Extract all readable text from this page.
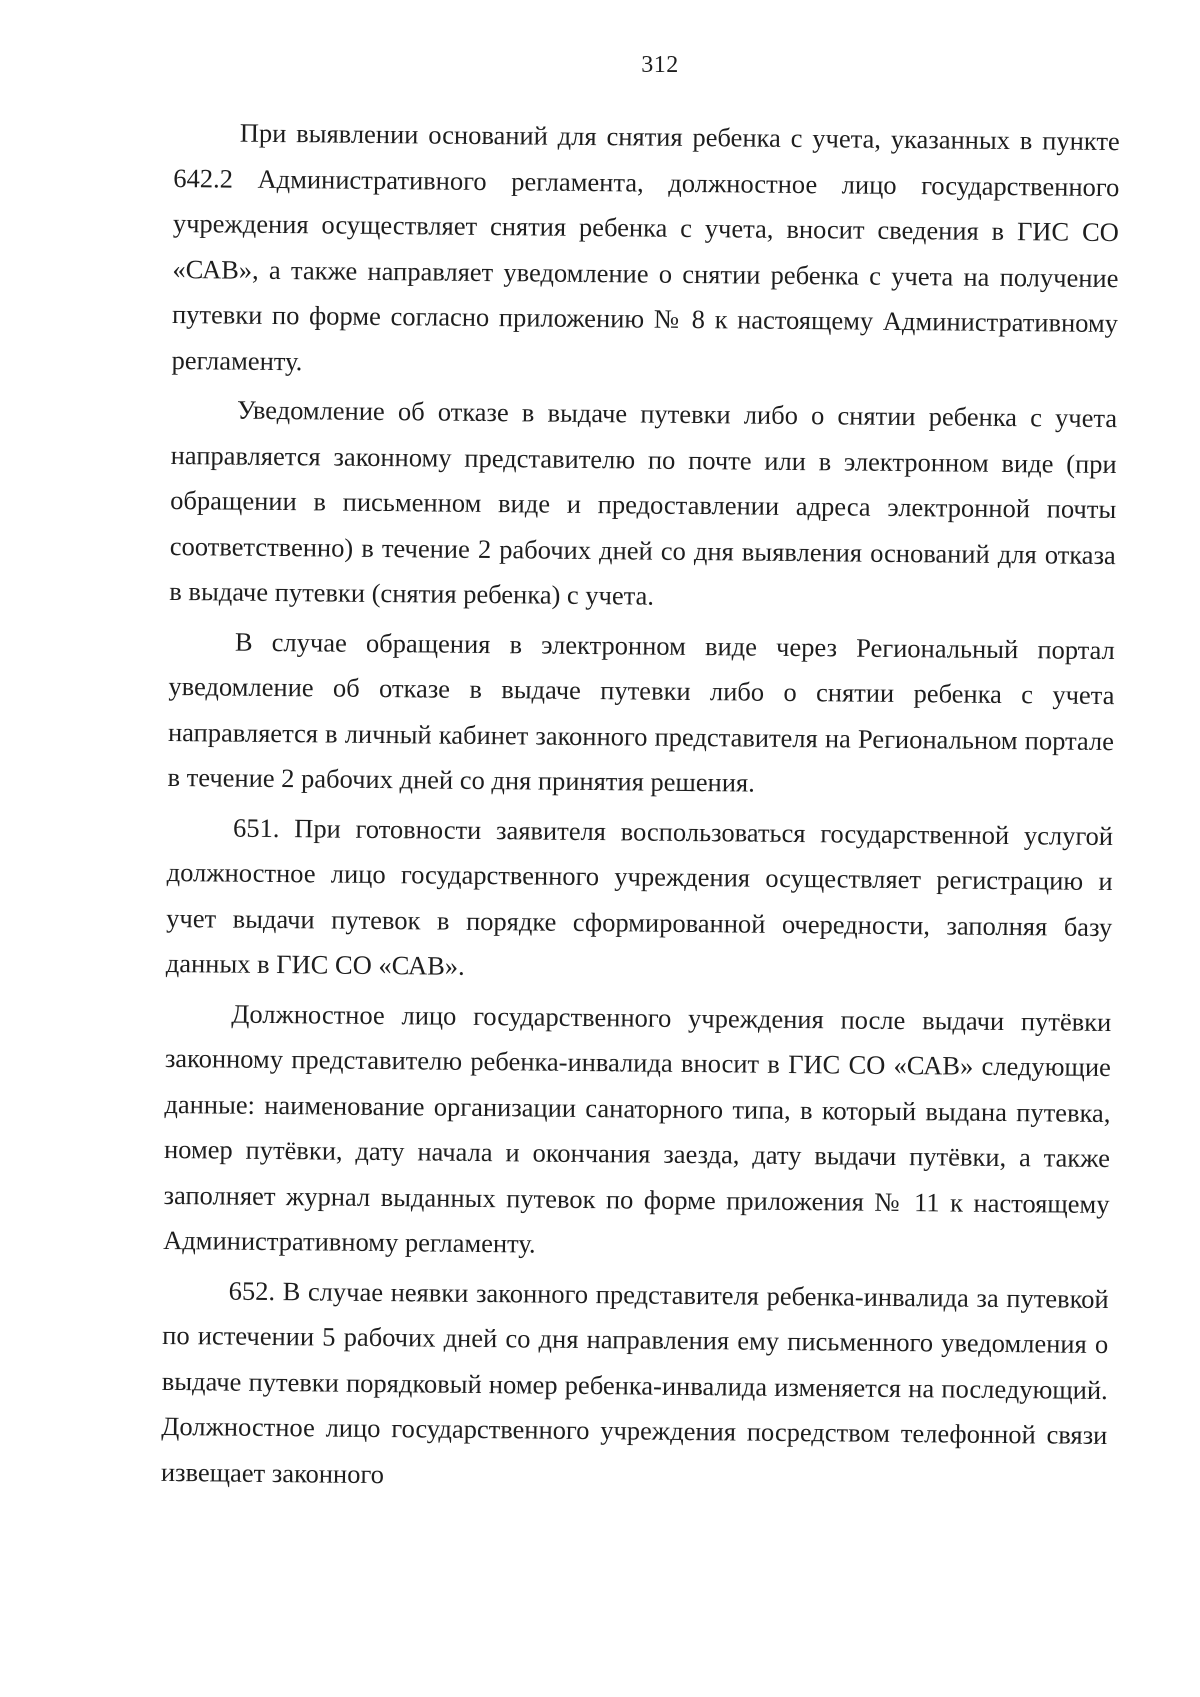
312

При выявлении оснований для снятия ребенка с учета, указанных в пункте 642.2 Административного регламента, должностное лицо государственного учреждения осуществляет снятия ребенка с учета, вносит сведения в ГИС СО «САВ», а также направляет уведомление о снятии ребенка с учета на получение путевки по форме согласно приложению № 8 к настоящему Административному регламенту.

Уведомление об отказе в выдаче путевки либо о снятии ребенка с учета направляется законному представителю по почте или в электронном виде (при обращении в письменном виде и предоставлении адреса электронной почты соответственно) в течение 2 рабочих дней со дня выявления оснований для отказа в выдаче путевки (снятия ребенка) с учета.

В случае обращения в электронном виде через Региональный портал уведомление об отказе в выдаче путевки либо о снятии ребенка с учета направляется в личный кабинет законного представителя на Региональном портале в течение 2 рабочих дней со дня принятия решения.

651. При готовности заявителя воспользоваться государственной услугой должностное лицо государственного учреждения осуществляет регистрацию и учет выдачи путевок в порядке сформированной очередности, заполняя базу данных в ГИС СО «САВ».

Должностное лицо государственного учреждения после выдачи путёвки законному представителю ребенка-инвалида вносит в ГИС СО «САВ» следующие данные: наименование организации санаторного типа, в который выдана путевка, номер путёвки, дату начала и окончания заезда, дату выдачи путёвки, а также заполняет журнал выданных путевок по форме приложения № 11 к настоящему Административному регламенту.

652. В случае неявки законного представителя ребенка-инвалида за путевкой по истечении 5 рабочих дней со дня направления ему письменного уведомления о выдаче путевки порядковый номер ребенка-инвалида изменяется на последующий. Должностное лицо государственного учреждения посредством телефонной связи извещает законного
